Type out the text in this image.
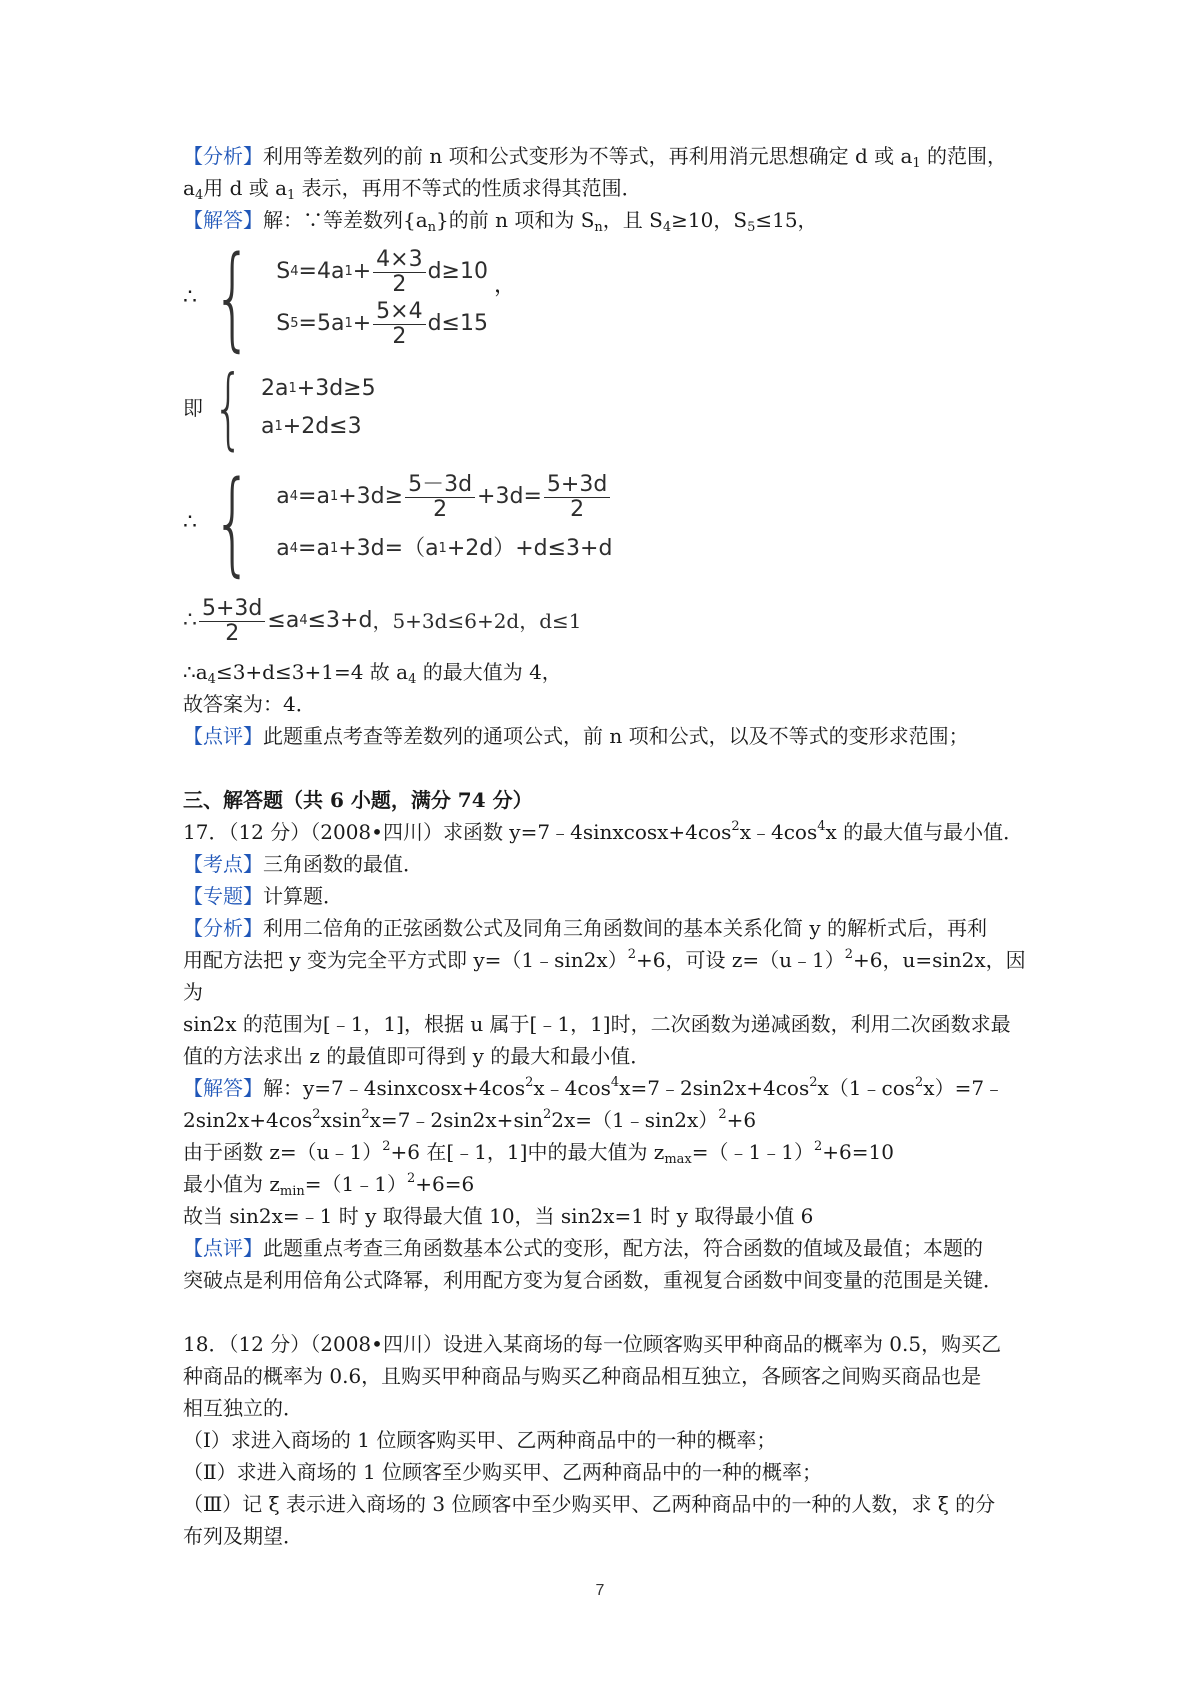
【分析】利用等差数列的前 n 项和公式变形为不等式，再利用消元思想确定 d 或 $a_1$ 的范围，

$a_4$用 d 或 $a_1$ 表示，再用不等式的性质求得其范围．

【解答】解：∵等差数列$\{a_n\}$的前 n 项和为 $S_n$，且 $S_4\ge 10$，$S_5\le 15$，

∴ { S 4 =4a $1 + \frac{4\times 3}{2} d\ge 10$
S 5 =5a $1 + \frac{5\times 4}{2} d\le 15$
，
即 { 2a 1 +3d≥5
a 1 +2d≤3
∴ { a 4 =a $1 +3d\ge \frac{5-3d}{2} +3d= \frac{5+3d}{2}$
a 4 =a 1 +3d=（a 1 +2d）+d≤3+d
∴ $\frac{5+3d}{2} \le a$ 4 ≤3+d ，5+3d≤6+2d，d≤1

$\therefore a_4\le 3+d\le 3+1=4$ 故 $a_4$ 的最大值为 4，

故答案为：4．

【点评】此题重点考查等差数列的通项公式，前 n 项和公式，以及不等式的变形求范围；

三、解答题（共 6 小题，满分 74 分）

17．（12 分）（2008•四川）求函数 $y=7﹣4sinxcosx+4\cos^2x﹣4\cos^4x$ 的最大值与最小值．

【考点】三角函数的最值．

【专题】计算题．

【分析】利用二倍角的正弦函数公式及同角三角函数间的基本关系化简 y 的解析式后，再利

用配方法把 y 变为完全平方式即 y=（1﹣sin2x）$^2$+6，可设 z=（u﹣1）$^2$+6，u=sin2x，因为

sin2x 的范围为[﹣1，1]，根据 u 属于[﹣1，1]时，二次函数为递减函数，利用二次函数求最

值的方法求出 z 的最值即可得到 y 的最大和最小值．

【解答】解：$y=7﹣4sinxcosx+4\cos^2x﹣4\cos^4x=7﹣2\sin 2x+4\cos^2x(1﹣\cos^2x)=7﹣$

$2\sin 2x+4\cos^2xsin^2x=7﹣2\sin 2x+\sin^22x=(1﹣\sin 2x)^2+6$

由于函数 z=（u﹣1）$^2$+6 在[﹣1，1]中的最大值为 $z_{max}=(﹣1﹣1)^2+6=10$

最小值为 $z_{min}=(1﹣1)^2+6=6$

故当 sin2x=﹣1 时 y 取得最大值 10，当 sin2x=1 时 y 取得最小值 6

【点评】此题重点考查三角函数基本公式的变形，配方法，符合函数的值域及最值；本题的

突破点是利用倍角公式降幂，利用配方变为复合函数，重视复合函数中间变量的范围是关键．

18．（12 分）（2008•四川）设进入某商场的每一位顾客购买甲种商品的概率为 0.5，购买乙

种商品的概率为 0.6，且购买甲种商品与购买乙种商品相互独立，各顾客之间购买商品也是

相互独立的．

（Ⅰ）求进入商场的 1 位顾客购买甲、乙两种商品中的一种的概率；

（Ⅱ）求进入商场的 1 位顾客至少购买甲、乙两种商品中的一种的概率；

（Ⅲ）记 ξ 表示进入商场的 3 位顾客中至少购买甲、乙两种商品中的一种的人数，求 ξ 的分

布列及期望．

7
